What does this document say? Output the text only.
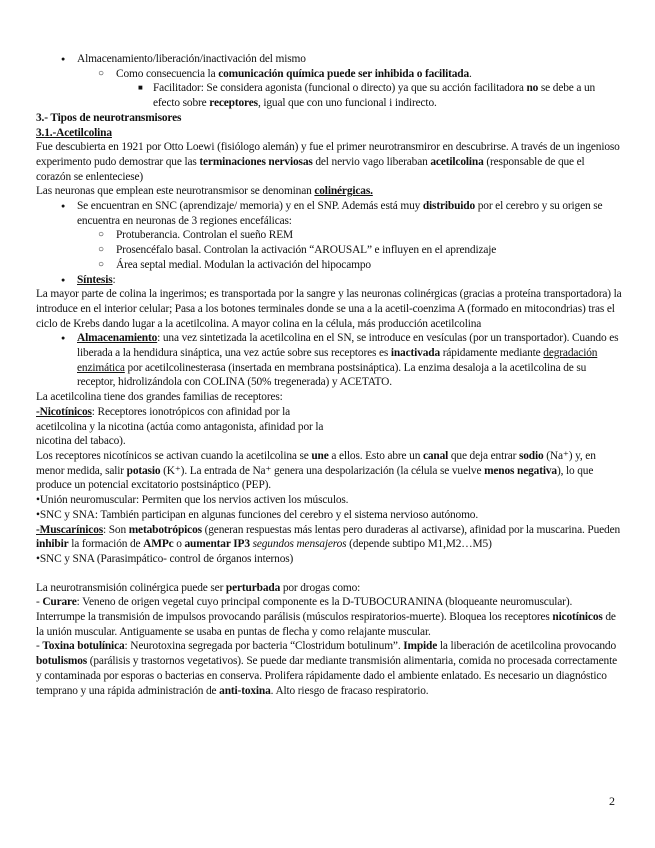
● Almacenamiento/liberación/inactivación del mismo

○ Como consecuencia la comunicación química puede ser inhibida o facilitada.

■ Facilitador: Se considera agonista (funcional o directo) ya que su acción facilitadora no se debe a un efecto sobre receptores, igual que con uno funcional i indirecto.

3.- Tipos de neurotransmisores

3.1.-Acetilcolina

Fue descubierta en 1921 por Otto Loewi (fisiólogo alemán) y fue el primer neurotransmiror en descubrirse. A través de un ingenioso experimento pudo demostrar que las terminaciones nerviosas del nervio vago liberaban acetilcolina (responsable de que el corazón se enlenteciese)

Las neuronas que emplean este neurotransmisor se denominan colinérgicas.

● Se encuentran en SNC (aprendizaje/ memoria) y en el SNP. Además está muy distribuido por el cerebro y su origen se encuentra en neuronas de 3 regiones encefálicas:

○ Protuberancia. Controlan el sueño REM

○ Prosencéfalo basal. Controlan la activación “AROUSAL” e influyen en el aprendizaje

○ Área septal medial. Modulan la activación del hipocampo

● Síntesis:

La mayor parte de colina la ingerimos; es transportada por la sangre y las neuronas colinérgicas (gracias a proteína transportadora) la introduce en el interior celular; Pasa a los botones terminales donde se una a la acetil-coenzima A (formado en mitocondrias) tras el ciclo de Krebs dando lugar a la acetilcolina. A mayor colina en la célula, más producción acetilcolina

● Almacenamiento: una vez sintetizada la acetilcolina en el SN, se introduce en vesículas (por un transportador). Cuando es liberada a la hendidura sináptica, una vez actúe sobre sus receptores es inactivada rápidamente mediante degradación enzimática por acetilcolinesterasa (insertada en membrana postsináptica). La enzima desaloja a la acetilcolina de su receptor, hidrolizándola con COLINA (50% tregenerada) y ACETATO.

La acetilcolina tiene dos grandes familias de receptores:

-Nicotínicos: Receptores ionotrópicos con afinidad por la acetilcolina y la nicotina (actúa como antagonista, afinidad por la nicotina del tabaco).

Los receptores nicotínicos se activan cuando la acetilcolina se une a ellos. Esto abre un canal que deja entrar sodio (Na⁺) y, en menor medida, salir potasio (K⁺). La entrada de Na⁺ genera una despolarización (la célula se vuelve menos negativa), lo que produce un potencial excitatorio postsináptico (PEP).

•Unión neuromuscular: Permiten que los nervios activen los músculos.

•SNC y SNA: También participan en algunas funciones del cerebro y el sistema nervioso autónomo.

-Muscarínicos: Son metabotrópicos (generan respuestas más lentas pero duraderas al activarse), afinidad por la muscarina. Pueden inhibir la formación de AMPc o aumentar IP3 segundos mensajeros (depende subtipo M1,M2…M5)

•SNC y SNA (Parasimpático- control de órganos internos)

La neurotransmisión colinérgica puede ser perturbada por drogas como:

- Curare: Veneno de origen vegetal cuyo principal componente es la D-TUBOCURANINA (bloqueante neuromuscular). Interrumpe la transmisión de impulsos provocando parálisis (músculos respiratorios-muerte). Bloquea los receptores nicotínicos de la unión muscular. Antiguamente se usaba en puntas de flecha y como relajante muscular.

- Toxina botulínica: Neurotoxina segregada por bacteria “Clostridum botulinum”. Impide la liberación de acetilcolina provocando botulismos (parálisis y trastornos vegetativos). Se puede dar mediante transmisión alimentaria, comida no procesada correctamente y contaminada por esporas o bacterias en conserva. Prolifera rápidamente dado el ambiente enlatado. Es necesario un diagnóstico temprano y una rápida administración de anti-toxina. Alto riesgo de fracaso respiratorio.

2
